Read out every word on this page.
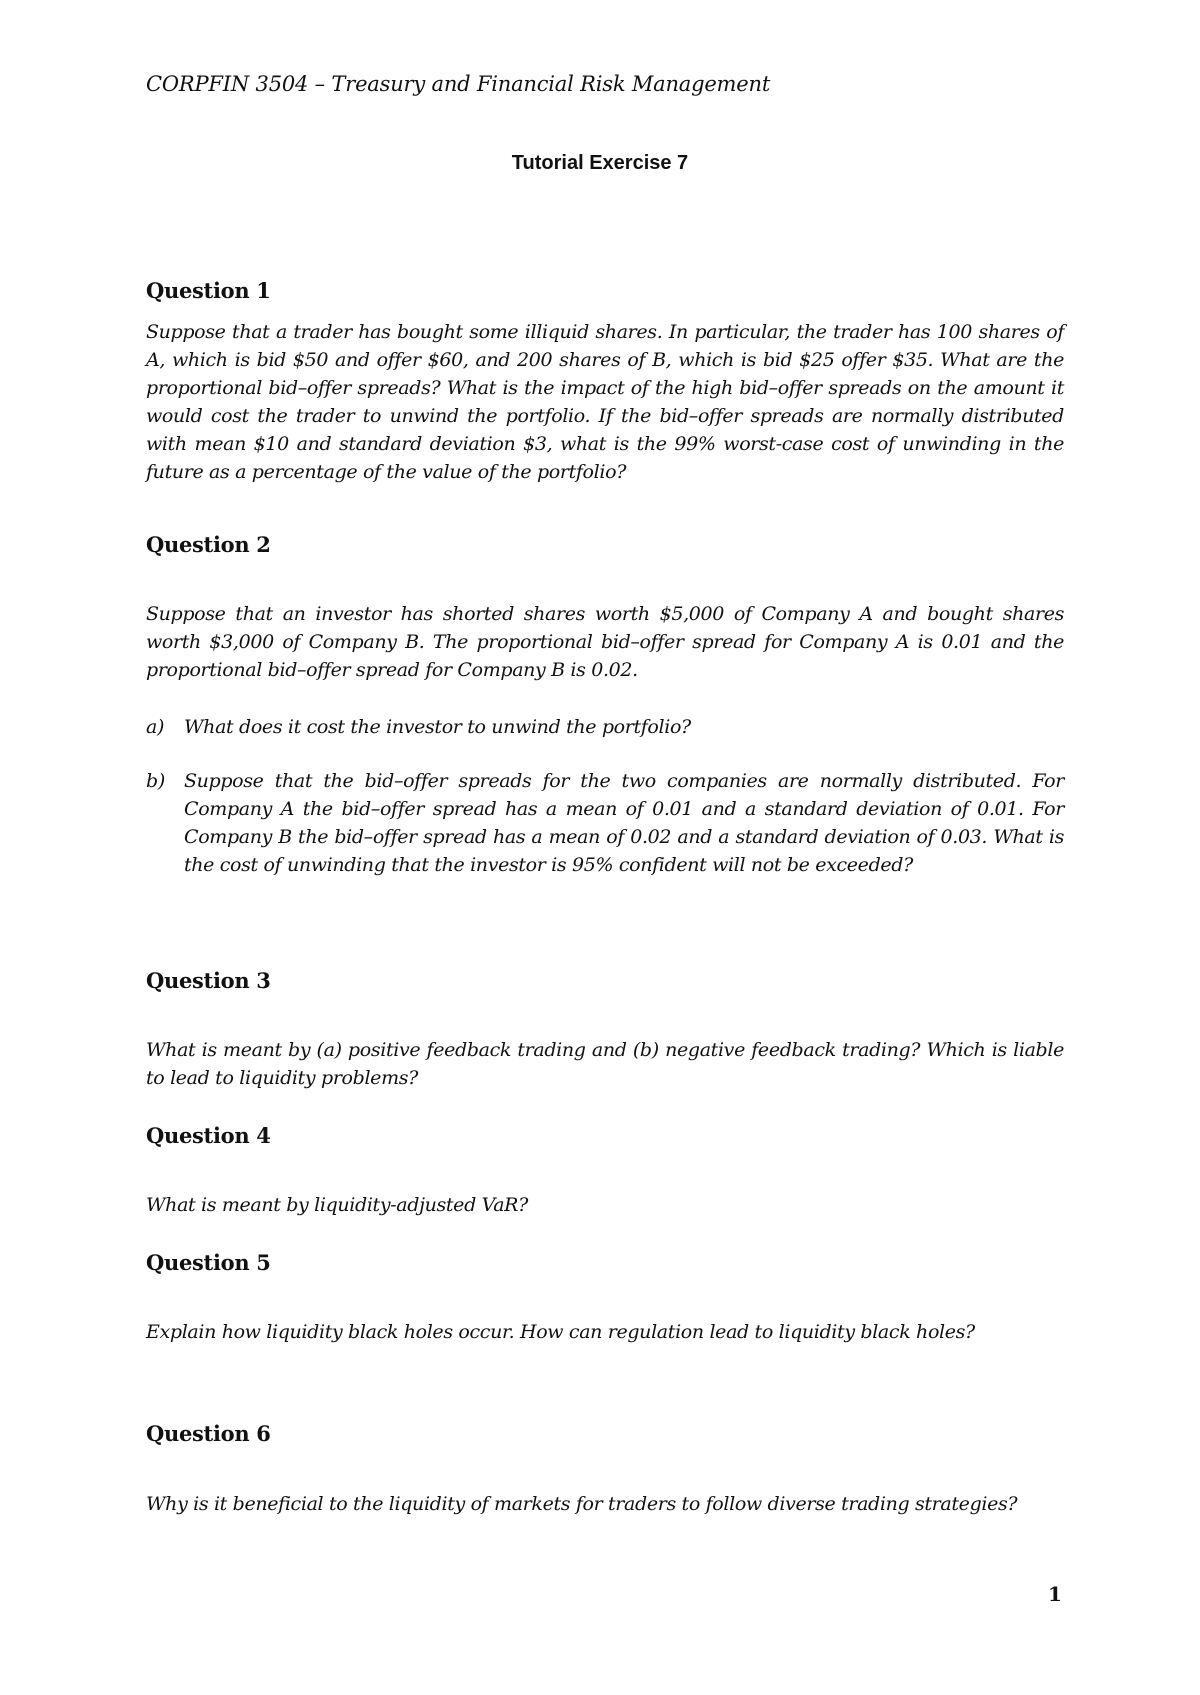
CORPFIN 3504 – Treasury and Financial Risk Management
Tutorial Exercise 7
Question 1
Suppose that a trader has bought some illiquid shares. In particular, the trader has 100 shares of A, which is bid $50 and offer $60, and 200 shares of B, which is bid $25 offer $35. What are the proportional bid–offer spreads? What is the impact of the high bid–offer spreads on the amount it would cost the trader to unwind the portfolio. If the bid–offer spreads are normally distributed with mean $10 and standard deviation $3, what is the 99% worst-case cost of unwinding in the future as a percentage of the value of the portfolio?
Question 2
Suppose that an investor has shorted shares worth $5,000 of Company A and bought shares worth $3,000 of Company B. The proportional bid–offer spread for Company A is 0.01 and the proportional bid–offer spread for Company B is 0.02.
a)	What does it cost the investor to unwind the portfolio?
b)	Suppose that the bid–offer spreads for the two companies are normally distributed. For Company A the bid–offer spread has a mean of 0.01 and a standard deviation of 0.01. For Company B the bid–offer spread has a mean of 0.02 and a standard deviation of 0.03. What is the cost of unwinding that the investor is 95% confident will not be exceeded?
Question 3
What is meant by (a) positive feedback trading and (b) negative feedback trading? Which is liable to lead to liquidity problems?
Question 4
What is meant by liquidity-adjusted VaR?
Question 5
Explain how liquidity black holes occur. How can regulation lead to liquidity black holes?
Question 6
Why is it beneficial to the liquidity of markets for traders to follow diverse trading strategies?
1
